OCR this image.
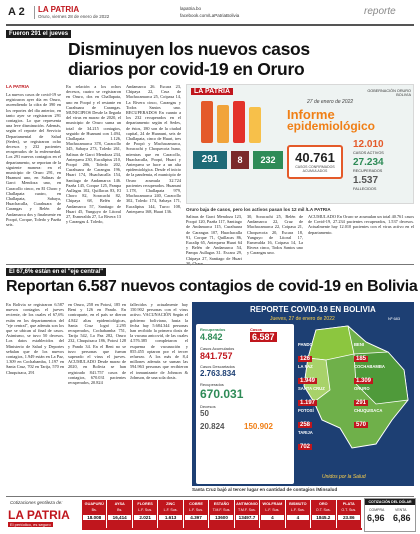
A 2 LA PATRIA
Oruro, viernes 28 de enero de 2022
lapatria.bo
facebook.com/LaPatriaBolivia	reporte
Fueron 291 el jueves
Disminuyen los nuevos casos
diarios por covid-19 en Oruro
LA PATRIA
La nuevos casos de covid-19 se registraron ayer día en Oruro, ascendiendo la cifra de 390 en los reportes del día anterior, en tanto ayer se registraron 291 contagios. Lo que representa una leve disminución. Además, según el reporte del Servicio Departamental de Salud (Sedes), se registraron ocho decesos y 232 pacientes recuperados de la enfermedad. Los 291 nuevos contagios en el departamento, se reportan de la siguiente manera: en el municipio de Oruro 291, en Huanuni uno, en Salinas de Garci Mendoza uno, en Caracollo cinco, en El Choro y Challapata cuatro, en Challapata, Sabaya, Huachacalla, Curahuara de Carangas y Belén de Andamarca dos y finalmente en Poopó, Corque, Toledo y Pazña seis.
En relación a los ochos decesos, cuatro se registraron en Oruro, dos en Challapata, uno en Poopó y el restante en Curahuara de Carangas. MUNICIPIOS Desde la llegada del virus en marzo de 2020, el municipio de Oruro suma un total de 34.215 contagios, seguido de Huanuni con 1.494, Challapata 1.126, Machacamarca 378, Caracollo 345, Sabaya 273, Toledo 261, Salinas de Garci Mendoza 234, Antequera 230, Eucaliptus 210, Poopó 206, Toledo 202, Curahuara de Carangas 196, Huari 174, Huachacalla 154, Santiago de Andamarca 146. Pazña 145, Corque 125, Pampa Aullagas 102, Quillacas 83, El Choro 82, Soracachi 82, Chipaya 68, Belén de Andamarca 57, Santiago de Huari 45, Yunguyo de Litoral 27, Esmeralda 27, La Rivera 13 y Carangas 4. Toledo,
Andamarca 26. Escara 23, Chipaya 22, Cruz de Machacamarca 25, Coipasa 14, La Rivera cinco, Carangas y Todos Santos uno. RECUPERADOS En cuanto a los 232 recuperados en el departamento según el Sedes, de éstos, 180 son de la ciudad capital, 24 de Huanuni, seis de Challapata, cinco de Huari, tres de Poopó y Machacamarca, Soracachi y Choquecota huno, mientras que en Caracollo, Huachacalla, Poopó, Huari y Antequera se hace a un alta epidemiológica. Desde el inicio de la pandemia, el municipio de Oruro acumula 32.724 pacientes recuperados. Huanuni 1.178, Challapata 979, Machacamarca 240, Caracollo 302, Toledo 174, Sabaya 171, Eucaliptus 144, Turco 108, Antequera 168, Huari 136.
LA PATRIA	GOBERNACIÓN ORURO BOLIVIA
27 de enero de 2022
Informe
epidemiológico
291	8	232	40.761
CASOS CONFIRMADOS ACUMULADOS
12.010
CASOS ACTIVOS
27.234
RECUPERADOS
1.537
FALLECIDOS
Oruro baja de casos, pero los activos pasan los 12 mil /LA PATRIA
Salinas de Garci Mendoza 123, Poopó 120, Pazña 117, Santiago de Andamarca 115, Curahuara de Carangas 107, Huachacalla 91, Corque 71, Quillacas 86, Eucalip 65, Antequera Huari 64 y Belén de Andamarca 54, Pampa Aullagas 31. Escara 29, Chipaya 27, Santiago de Huari
30, Soracachi 25, Belén de Andamarca 22, Cruz de Machacamarca 22, Coipasa 21, Choquecota 20, Escara 18, Yunguyo de Litoral 17, Esmeralda 16, Coipasa 14, La Rivera cinco, Todos Santos uno y Carangas uno.
ACUMULADO En Oruro se acumulan un total 40.761 casos de Covid-19, 27.234 pacientes recuperados, 1.537 decesos. Actualmente hay 12.010 pacientes con el virus activo en el departamento.
El 67,6% están en el "eje central"
Reportan 6.587 nuevos contagios de covid-19 en Bolivia
En Bolivia se registraron 6.587 nuevos contagios el jueves reciente, de los cuales el 67,6% están en los departamentos del "eje central", que además son los que se ubican al final de casos. Asimismo, se tuvo 50 decesos. Los datos establecidos del Ministerio de Salud y Deportes señalan que de los nuevos contagios, 1.949 están en La Paz, 1.309 en Cochabamba, 1.197 en Santa Cruz, 702 en Tarija, 570 en Chuquisaca, 291
en Oruro, 258 en Potosí, 185 en Beni y 126 en Pando. En contraparte, en el país se dieron 4.842 altas epidemiológicas, Santa Cruz logró 2.295 recuperados, Cochabamba 751, Tarija 542, La Paz 282, Oruro 232, Chuquisaca 186, Potosí 128 y Pando 34. En el Beni no se tuvo personas que fueran superado el virus el jueves. ACUMULADO Desde marzo de 2020, en Bolivia se han registrado 841.757 casos de contagios, 670.031 pacientes recuperados, 20.824
fallecidos y actualmente hay 150.902 personas con el virus activo. VACUNACIÓN Según el gobierno boliviano, hasta la fecha hay 5.684.344 personas han recibido la primera dosis de la vacuna antcovid, de las cuales 4.576.385 completaron el esquema de vacunación y 855.455 optaron por el tercer refuerzo. A los más de 8,4 millones además se suman las 594.963 personas que recibieron el inmunizante de Johnson & Johnson, de una sola dosis.
REPORTE COVID-19 EN BOLIVIA
Jueves, 27 de enero de 2022	Nº 683
Recuperados
4.842
Casos
6.587
Casos Acumulados
841.757
Casos Descartados
2.763.834
Recuperados
670.031
Decesos
50
20.824 150.902
PANDO
126
BENI
185
LA PAZ
1.949
COCHABAMBA
1.309
SANTA CRUZ
1.197
ORURO
291
POTOSÍ
258
CHUQUISACA
570
TARIJA
702
Unidos por la Salud
Santa Cruz bajó al tercer lugar en cantidad de contagios /Minsalud
Cotizaciones gentileza de:
LA PATRIA
El periódico, es seguro
GUAPURÚ
Bs.
18.008
AYSA
Bs.
16,414
FLORES
L.F. Sus.
2.021
ZINC
L.F. Sus.
1.613
COBRE
L.F. Sus.
4.397
ESTAÑO
T.M.F. Sus.
13600
ANTIMONIO
T.M.F. Sus.
13497.7
WOLFRAM
L.F. Sus.
4
BISMUTO
L.F. Sus.
4
ORO
O.T. Sus.
1845.2
PLATA
O.T. Sus.
23.86
COTIZACIÓN DEL DÓLAR
COMPRA
6,96
VENTA
6,86
